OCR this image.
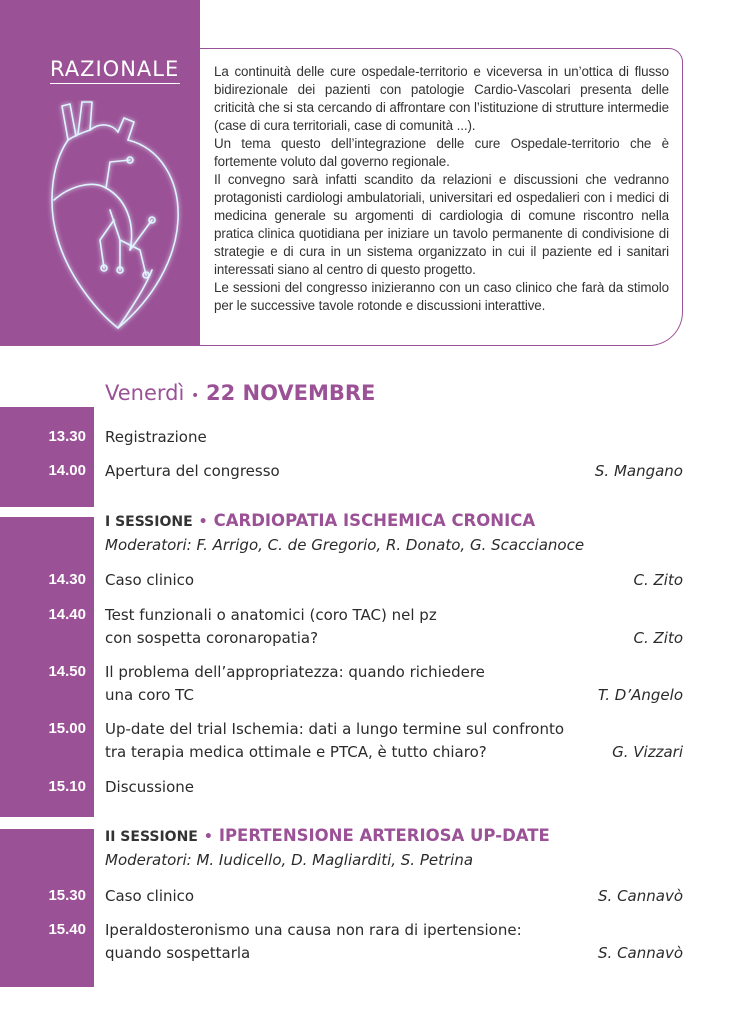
RAZIONALE	La continuità delle cure ospedale-territorio e viceversa in un’ottica di flusso bidirezionale dei pazienti con patologie Cardio-Vascolari presenta delle criticità che si sta cercando di affrontare con l’istituzione di strutture intermedie (case di cura territoriali, case di comunità ...).

Un tema questo dell’integrazione delle cure Ospedale-territorio che è fortemente voluto dal governo regionale.

Il convegno sarà infatti scandito da relazioni e discussioni che vedranno protagonisti cardiologi ambulatoriali, universitari ed ospedalieri con i medici di medicina generale su argomenti di cardiologia di comune riscontro nella pratica clinica quotidiana per iniziare un tavolo permanente di condivisione di strategie e di cura in un sistema organizzato in cui il paziente ed i sanitari interessati siano al centro di questo progetto.

Le sessioni del congresso inizieranno con un caso clinico che farà da stimolo per le successive tavole rotonde e discussioni interattive.

Venerdì • 22 NOVEMBRE
13.30 Registrazione
14.00 Apertura del congresso	S. Mangano
I SESSIONE • CARDIOPATIA ISCHEMICA CRONICA
Moderatori: F. Arrigo, C. de Gregorio, R. Donato, G. Scaccianoce
14.30 Caso clinico	C. Zito
14.40 Test funzionali o anatomici (coro TAC) nel pz
con sospetta coronaropatia?	C. Zito
14.50 Il problema dell’appropriatezza: quando richiedere
una coro TC	T. D’Angelo
15.00 Up-date del trial Ischemia: dati a lungo termine sul confronto
tra terapia medica ottimale e PTCA, è tutto chiaro?	G. Vizzari
15.10 Discussione
II SESSIONE • IPERTENSIONE ARTERIOSA UP-DATE
Moderatori: M. Iudicello, D. Magliarditi, S. Petrina
15.30 Caso clinico	S. Cannavò
15.40 Iperaldosteronismo una causa non rara di ipertensione:
quando sospettarla	S. Cannavò
